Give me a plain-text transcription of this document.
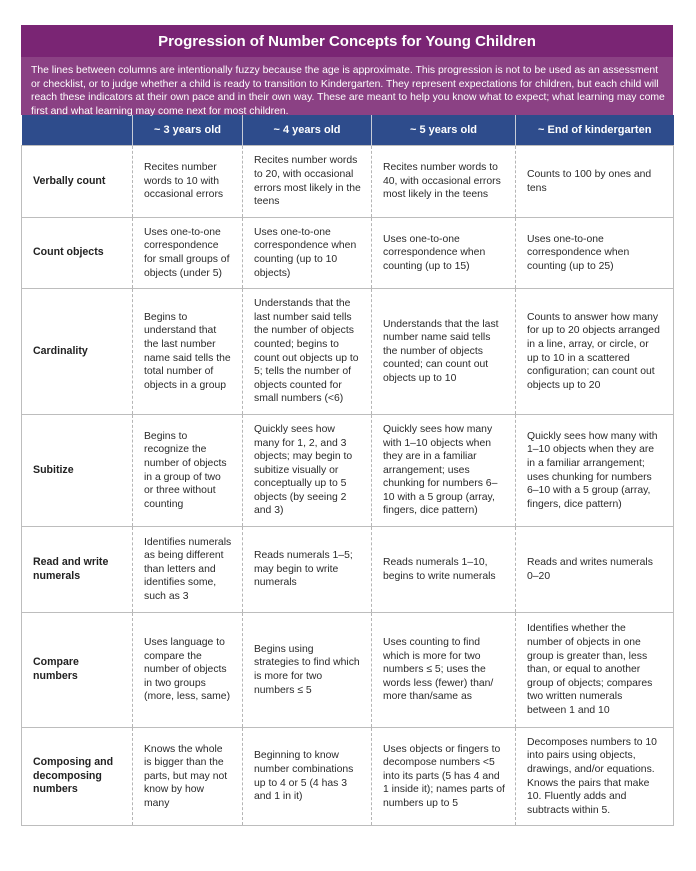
Progression of Number Concepts for Young Children
The lines between columns are intentionally fuzzy because the age is approximate. This progression is not to be used as an assessment or checklist, or to judge whether a child is ready to transition to Kindergarten. They represent expectations for children, but each child will reach these indicators at their own pace and in their own way. These are meant to help you know what to expect; what learning may come first and what learning may come next for most children.
	~ 3 years old	~ 4 years old	~ 5 years old	~ End of kindergarten
Verbally count	Recites number words to 10 with occasional errors	Recites number words to 20, with occasional errors most likely in the teens	Recites number words to 40, with occasional errors most likely in the teens	Counts to 100 by ones and tens
Count objects	Uses one-to-one correspondence for small groups of objects (under 5)	Uses one-to-one correspondence when counting (up to 10 objects)	Uses one-to-one correspondence when counting (up to 15)	Uses one-to-one correspondence when counting (up to 25)
Cardinality	Begins to understand that the last number name said tells the total number of objects in a group	Understands that the last number said tells the number of objects counted; begins to count out objects up to 5; tells the number of objects counted for small numbers (<6)	Understands that the last number name said tells the number of objects counted; can count out objects up to 10	Counts to answer how many for up to 20 objects arranged in a line, array, or circle, or up to 10 in a scattered configuration; can count out objects up to 20
Subitize	Begins to recognize the number of objects in a group of two or three without counting	Quickly sees how many for 1, 2, and 3 objects; may begin to subitize visually or conceptually up to 5 objects (by seeing 2 and 3)	Quickly sees how many with 1–10 objects when they are in a familiar arrangement; uses chunking for numbers 6–10 with a 5 group (array, fingers, dice pattern)	Quickly sees how many with 1–10 objects when they are in a familiar arrangement; uses chunking for numbers 6–10 with a 5 group (array, fingers, dice pattern)
Read and write numerals	Identifies numerals as being different than letters and identifies some, such as 3	Reads numerals 1–5; may begin to write numerals	Reads numerals 1–10, begins to write numerals	Reads and writes numerals 0–20
Compare numbers	Uses language to compare the number of objects in two groups (more, less, same)	Begins using strategies to find which is more for two numbers ≤ 5	Uses counting to find which is more for two numbers ≤ 5; uses the words less (fewer) than/ more than/same as	Identifies whether the number of objects in one group is greater than, less than, or equal to another group of objects; compares two written numerals between 1 and 10
Composing and decomposing numbers	Knows the whole is bigger than the parts, but may not know by how many	Beginning to know number combinations up to 4 or 5 (4 has 3 and 1 in it)	Uses objects or fingers to decompose numbers <5 into its parts (5 has 4 and 1 inside it); names parts of numbers up to 5	Decomposes numbers to 10 into pairs using objects, drawings, and/or equations. Knows the pairs that make 10. Fluently adds and subtracts within 5.
